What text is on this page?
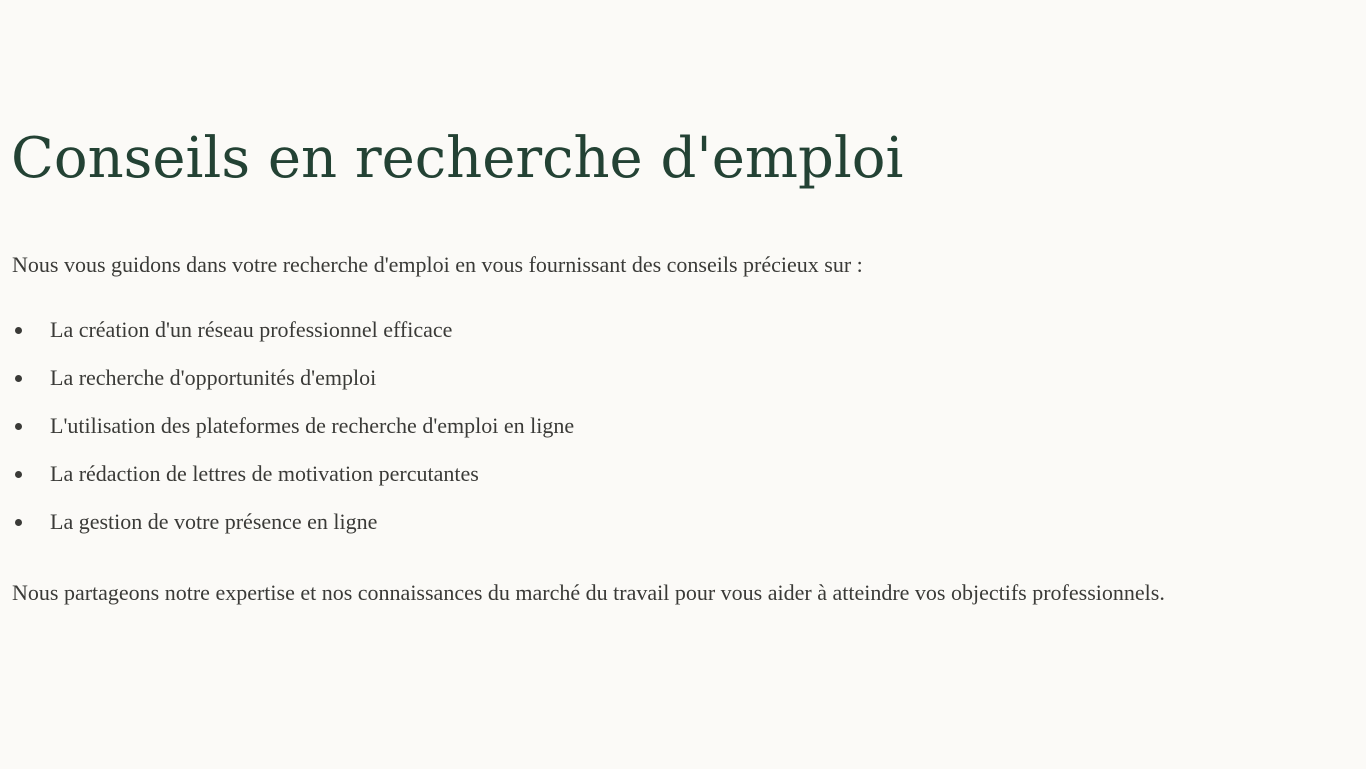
Conseils en recherche d'emploi

Nous vous guidons dans votre recherche d'emploi en vous fournissant des conseils précieux sur :

La création d'un réseau professionnel efficace
La recherche d'opportunités d'emploi
L'utilisation des plateformes de recherche d'emploi en ligne
La rédaction de lettres de motivation percutantes
La gestion de votre présence en ligne

Nous partageons notre expertise et nos connaissances du marché du travail pour vous aider à atteindre vos objectifs professionnels.
